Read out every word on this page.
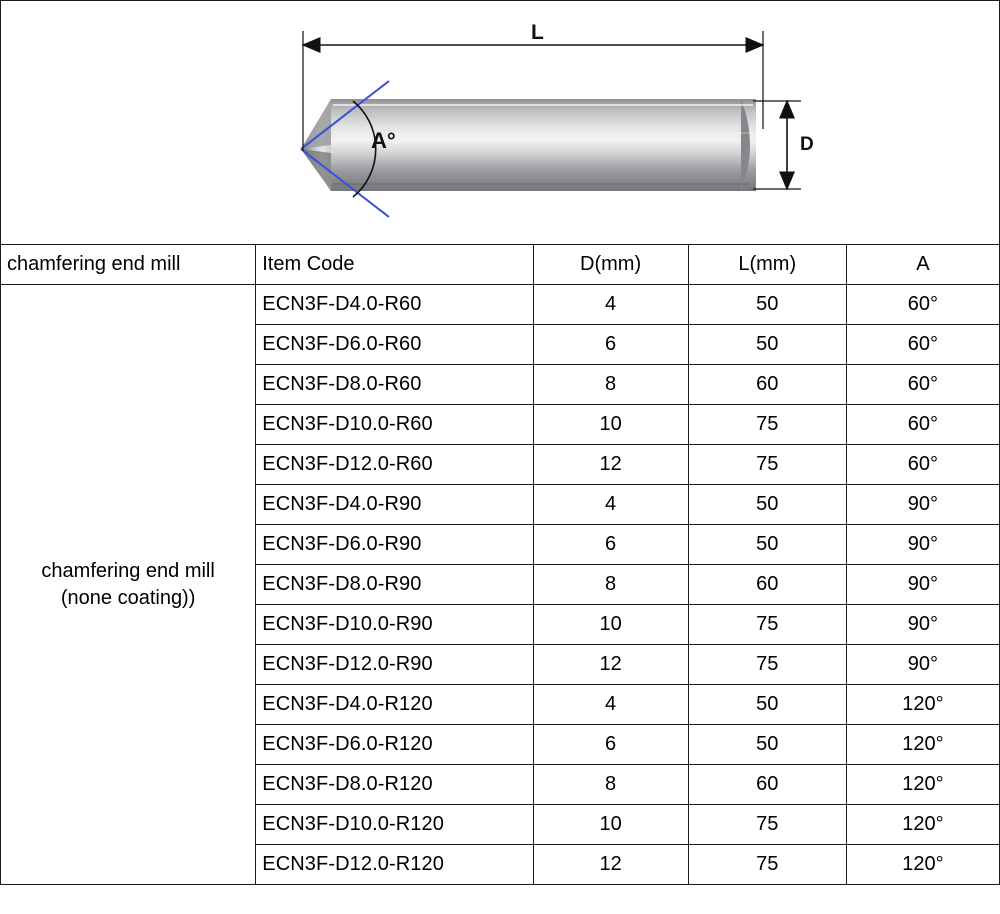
L
D
A°
chamfering end mill	Item Code	D(mm)	L(mm)	A
chamfering end mill
(none coating))	ECN3F-D4.0-R60	4	50	60°
	ECN3F-D6.0-R60	6	50	60°
	ECN3F-D8.0-R60	8	60	60°
	ECN3F-D10.0-R60	10	75	60°
	ECN3F-D12.0-R60	12	75	60°
	ECN3F-D4.0-R90	4	50	90°
	ECN3F-D6.0-R90	6	50	90°
	ECN3F-D8.0-R90	8	60	90°
	ECN3F-D10.0-R90	10	75	90°
	ECN3F-D12.0-R90	12	75	90°
	ECN3F-D4.0-R120	4	50	120°
	ECN3F-D6.0-R120	6	50	120°
	ECN3F-D8.0-R120	8	60	120°
	ECN3F-D10.0-R120	10	75	120°
	ECN3F-D12.0-R120	12	75	120°
